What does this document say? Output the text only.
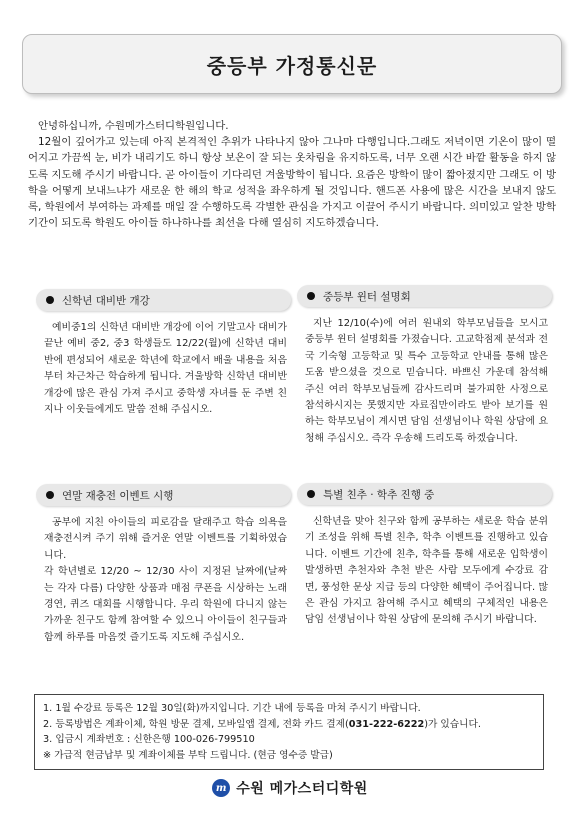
중등부 가정통신문

안녕하십니까, 수원메가스터디학원입니다.

12월이 깊어가고 있는데 아직 본격적인 추위가 나타나지 않아 그나마 다행입니다.그래도 저녁이면 기온이 많이 떨어지고 가끔씩 눈, 비가 내리기도 하니 항상 보온이 잘 되는 옷차림을 유지하도록, 너무 오랜 시간 바깥 활동을 하지 않도록 지도해 주시기 바랍니다. 곧 아이들이 기다리던 겨울방학이 됩니다. 요즘은 방학이 많이 짧아졌지만 그래도 이 방학을 어떻게 보내느냐가 새로운 한 해의 학교 성적을 좌우하게 될 것입니다. 핸드폰 사용에 많은 시간을 보내지 않도록, 학원에서 부여하는 과제를 매일 잘 수행하도록 각별한 관심을 가지고 이끌어 주시기 바랍니다. 의미있고 알찬 방학 기간이 되도록 학원도 아이들 하나하나를 최선을 다해 열심히 지도하겠습니다.

신학년 대비반 개강

예비중1의 신학년 대비반 개강에 이어 기말고사 대비가 끝난 예비 중2, 중3 학생들도 12/22(월)에 신학년 대비반에 편성되어 새로운 학년에 학교에서 배울 내용을 처음부터 차근차근 학습하게 됩니다. 겨울방학 신학년 대비반 개강에 많은 관심 가져 주시고 중학생 자녀를 둔 주변 친지나 이웃들에게도 말씀 전해 주십시오.

중등부 윈터 설명회

지난 12/10(수)에 여러 원내외 학부모님들을 모시고 중등부 윈터 설명회를 가졌습니다. 고교학점제 분석과 전국 기숙형 고등학교 및 특수 고등학교 안내를 통해 많은 도움 받으셨을 것으로 믿습니다. 바쁘신 가운데 참석해 주신 여러 학부모님들께 감사드리며 불가피한 사정으로 참석하시지는 못했지만 자료집만이라도 받아 보기를 원하는 학부모님이 계시면 담임 선생님이나 학원 상담에 요청해 주십시오. 즉각 우송해 드리도록 하겠습니다.

연말 재충전 이벤트 시행

공부에 지친 아이들의 피로감을 달래주고 학습 의욕을 재충전시켜 주기 위해 즐거운 연말 이벤트를 기획하였습니다.

각 학년별로 12/20 ~ 12/30 사이 지정된 날짜에(날짜는 각자 다름) 다양한 상품과 매점 쿠폰을 시상하는 노래 경연, 퀴즈 대회를 시행합니다. 우리 학원에 다니지 않는 가까운 친구도 함께 참여할 수 있으니 아이들이 친구들과 함께 하루를 마음껏 즐기도록 지도해 주십시오.

특별 친추 · 학추 진행 중

신학년을 맞아 친구와 함께 공부하는 새로운 학습 분위기 조성을 위해 특별 친추, 학추 이벤트를 진행하고 있습니다. 이벤트 기간에 친추, 학추를 통해 새로운 입학생이 발생하면 추천자와 추천 받은 사람 모두에게 수강료 감면, 풍성한 문상 지급 등의 다양한 혜택이 주어집니다. 많은 관심 가지고 참여해 주시고 혜택의 구체적인 내용은 담임 선생님이나 학원 상담에 문의해 주시기 바랍니다.

1. 1월 수강료 등록은 12월 30일(화)까지입니다. 기간 내에 등록을 마쳐 주시기 바랍니다.
2. 등록방법은 계좌이체, 학원 방문 결제, 모바일앱 결제, 전화 카드 결제(031-222-6222)가 있습니다.
3. 입금시 계좌번호 : 신한은행 100-026-799510
※ 가급적 현금납부 및 계좌이체를 부탁 드립니다. (현금 영수증 발급)
m 수원 메가스터디학원
